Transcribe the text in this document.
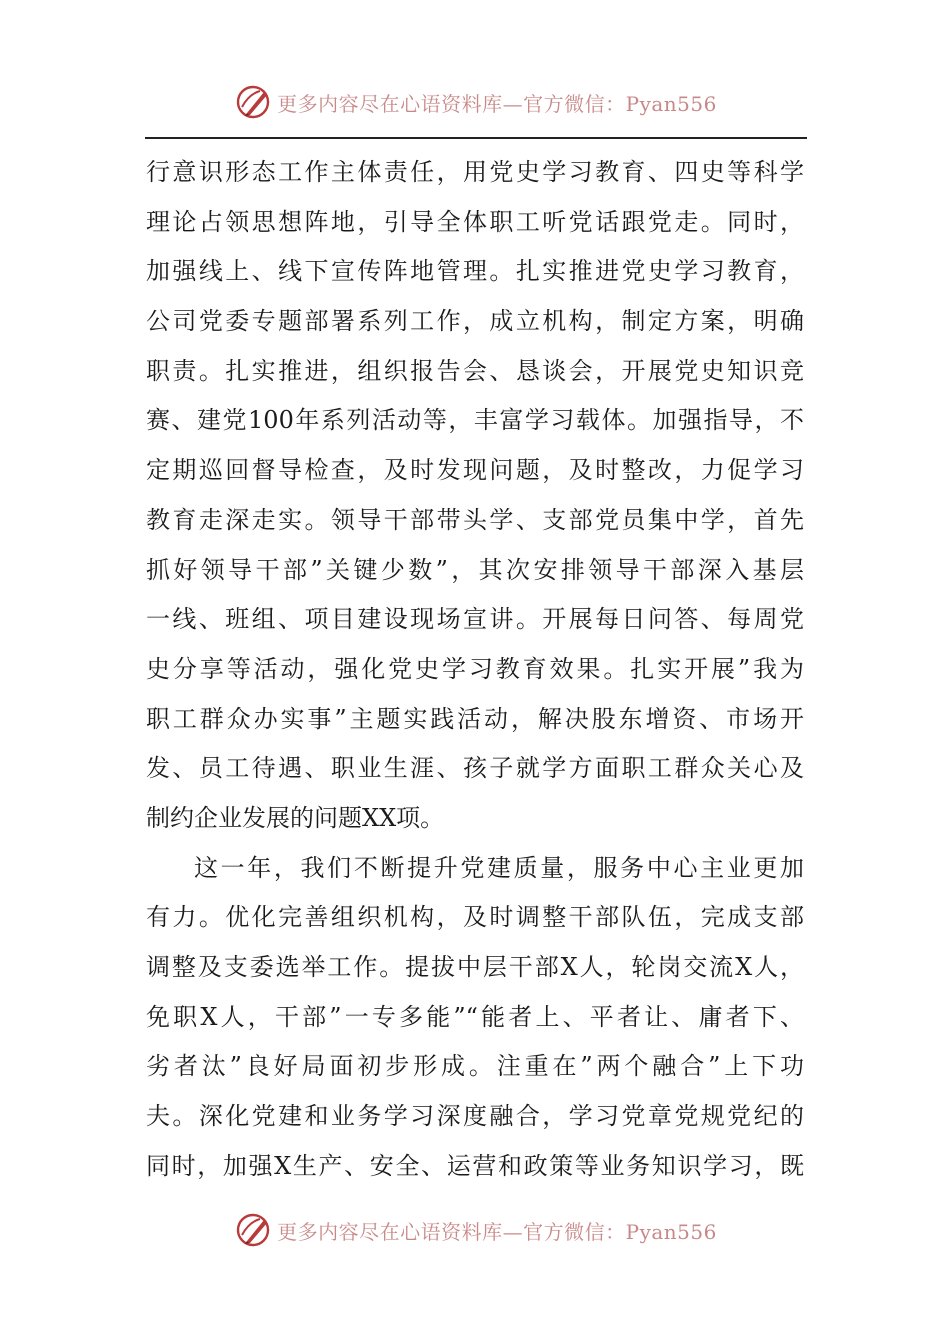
更多内容尽在心语资料库—官方微信：Pyan556
行意识形态工作主体责任，用党史学习教育、四史等科学
理论占领思想阵地，引导全体职工听党话跟党走。同时，
加强线上、线下宣传阵地管理。扎实推进党史学习教育，
公司党委专题部署系列工作，成立机构，制定方案，明确
职责。扎实推进，组织报告会、恳谈会，开展党史知识竞
赛、建党100年系列活动等，丰富学习载体。加强指导，不
定期巡回督导检查，及时发现问题，及时整改，力促学习
教育走深走实。领导干部带头学、支部党员集中学，首先
抓好领导干部”关键少数”，其次安排领导干部深入基层
一线、班组、项目建设现场宣讲。开展每日问答、每周党
史分享等活动，强化党史学习教育效果。扎实开展”我为
职工群众办实事”主题实践活动，解决股东增资、市场开
发、员工待遇、职业生涯、孩子就学方面职工群众关心及
制约企业发展的问题XX项。
这一年，我们不断提升党建质量，服务中心主业更加
有力。优化完善组织机构，及时调整干部队伍，完成支部
调整及支委选举工作。提拔中层干部X人，轮岗交流X人，
免职X人，干部”一专多能”“能者上、平者让、庸者下、
劣者汰”良好局面初步形成。注重在”两个融合”上下功
夫。深化党建和业务学习深度融合，学习党章党规党纪的
同时，加强X生产、安全、运营和政策等业务知识学习，既
更多内容尽在心语资料库—官方微信：Pyan556
